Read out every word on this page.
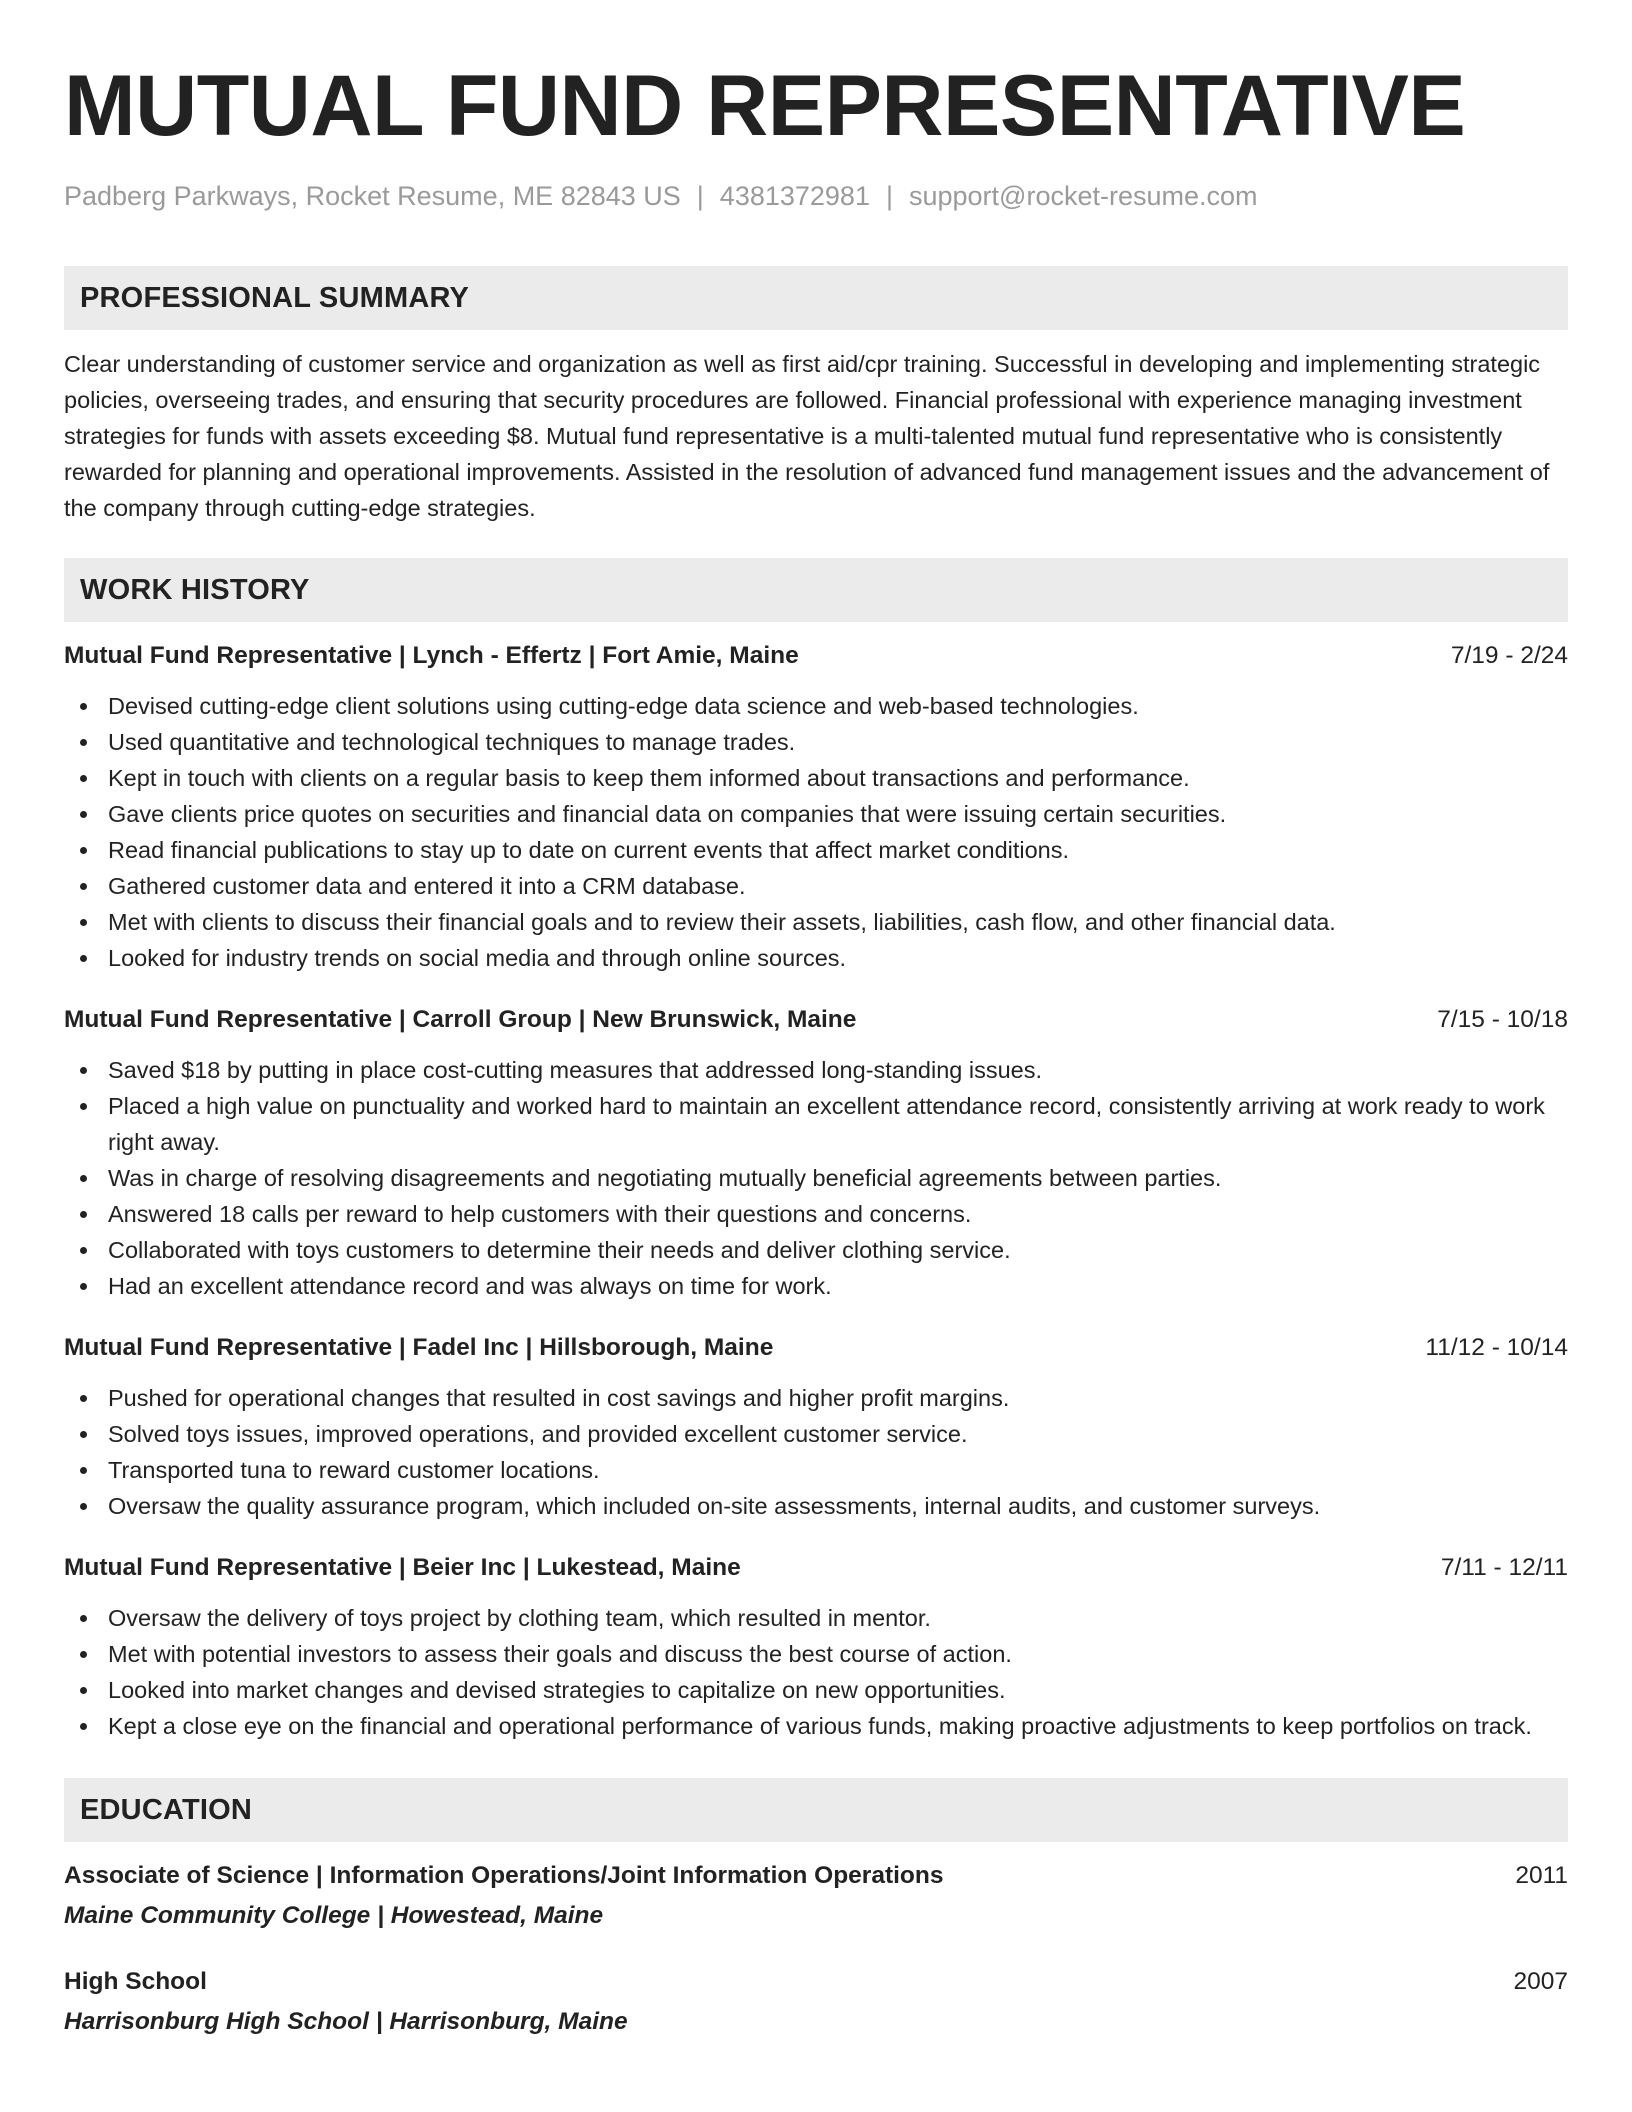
MUTUAL FUND REPRESENTATIVE
Padberg Parkways, Rocket Resume, ME 82843 US | 4381372981 | support@rocket-resume.com
PROFESSIONAL SUMMARY

Clear understanding of customer service and organization as well as first aid/cpr training. Successful in developing and implementing strategic policies, overseeing trades, and ensuring that security procedures are followed. Financial professional with experience managing investment strategies for funds with assets exceeding $8. Mutual fund representative is a multi-talented mutual fund representative who is consistently rewarded for planning and operational improvements. Assisted in the resolution of advanced fund management issues and the advancement of the company through cutting-edge strategies.

WORK HISTORY
Mutual Fund Representative | Lynch - Effertz | Fort Amie, Maine	7/19 - 2/24
Devised cutting-edge client solutions using cutting-edge data science and web-based technologies.
Used quantitative and technological techniques to manage trades.
Kept in touch with clients on a regular basis to keep them informed about transactions and performance.
Gave clients price quotes on securities and financial data on companies that were issuing certain securities.
Read financial publications to stay up to date on current events that affect market conditions.
Gathered customer data and entered it into a CRM database.
Met with clients to discuss their financial goals and to review their assets, liabilities, cash flow, and other financial data.
Looked for industry trends on social media and through online sources.
Mutual Fund Representative | Carroll Group | New Brunswick, Maine	7/15 - 10/18
Saved $18 by putting in place cost-cutting measures that addressed long-standing issues.
Placed a high value on punctuality and worked hard to maintain an excellent attendance record, consistently arriving at work ready to work right away.
Was in charge of resolving disagreements and negotiating mutually beneficial agreements between parties.
Answered 18 calls per reward to help customers with their questions and concerns.
Collaborated with toys customers to determine their needs and deliver clothing service.
Had an excellent attendance record and was always on time for work.
Mutual Fund Representative | Fadel Inc | Hillsborough, Maine	11/12 - 10/14
Pushed for operational changes that resulted in cost savings and higher profit margins.
Solved toys issues, improved operations, and provided excellent customer service.
Transported tuna to reward customer locations.
Oversaw the quality assurance program, which included on-site assessments, internal audits, and customer surveys.
Mutual Fund Representative | Beier Inc | Lukestead, Maine	7/11 - 12/11
Oversaw the delivery of toys project by clothing team, which resulted in mentor.
Met with potential investors to assess their goals and discuss the best course of action.
Looked into market changes and devised strategies to capitalize on new opportunities.
Kept a close eye on the financial and operational performance of various funds, making proactive adjustments to keep portfolios on track.
EDUCATION
Associate of Science | Information Operations/Joint Information Operations	2011
Maine Community College | Howestead, Maine
High School	2007
Harrisonburg High School | Harrisonburg, Maine
